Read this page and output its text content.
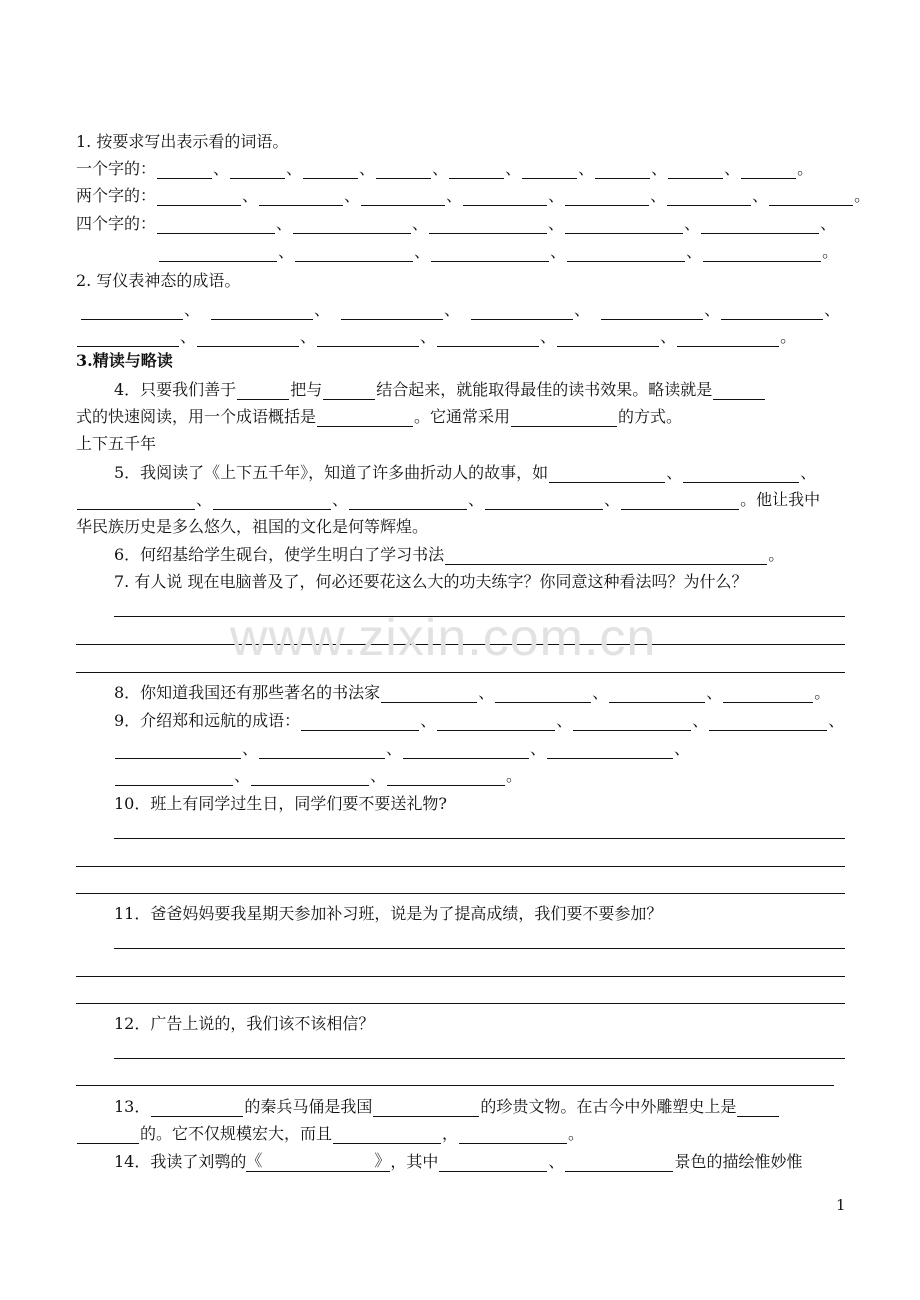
1. 按要求写出表示看的词语。
一个字的：	、	、	、	、	、	、	、	、	。
两个字的：	、	、	、	、	、	、	。
四个字的：	、	、	、	、	、
、	、	、	、	。
2. 写仪表神态的成语。
、	、	、	、	、	、
、	、	、	、	、	。
3.精读与略读
4．只要我们善于	把与	结合起来，就能取得最佳的读书效果。略读就是
式的快速阅读，用一个成语概括是	。它通常采用	的方式。
上下五千年
5．我阅读了《上下五千年》，知道了许多曲折动人的故事，如	、	、
、	、	、	、	。他让我中
华民族历史是多么悠久，祖国的文化是何等辉煌。
6．何绍基给学生砚台，使学生明白了学习书法	。
7. 有人说 现在电脑普及了，何必还要花这么大的功夫练字？你同意这种看法吗？为什么？
8．你知道我国还有那些著名的书法家	、	、	、	。
9．介绍郑和远航的成语：	、	、	、	、
、	、	、	、
、	、	。
10．班上有同学过生日，同学们要不要送礼物?
11．爸爸妈妈要我星期天参加补习班，说是为了提高成绩，我们要不要参加？
12．广告上说的，我们该不该相信？
13．	的秦兵马俑是我国	的珍贵文物。在古今中外雕塑史上是
的。它不仅规模宏大，而且	，	。
14．我读了刘鹗的《	》，其中	、	景色的描绘惟妙惟
www.zixin.com.cn
1
